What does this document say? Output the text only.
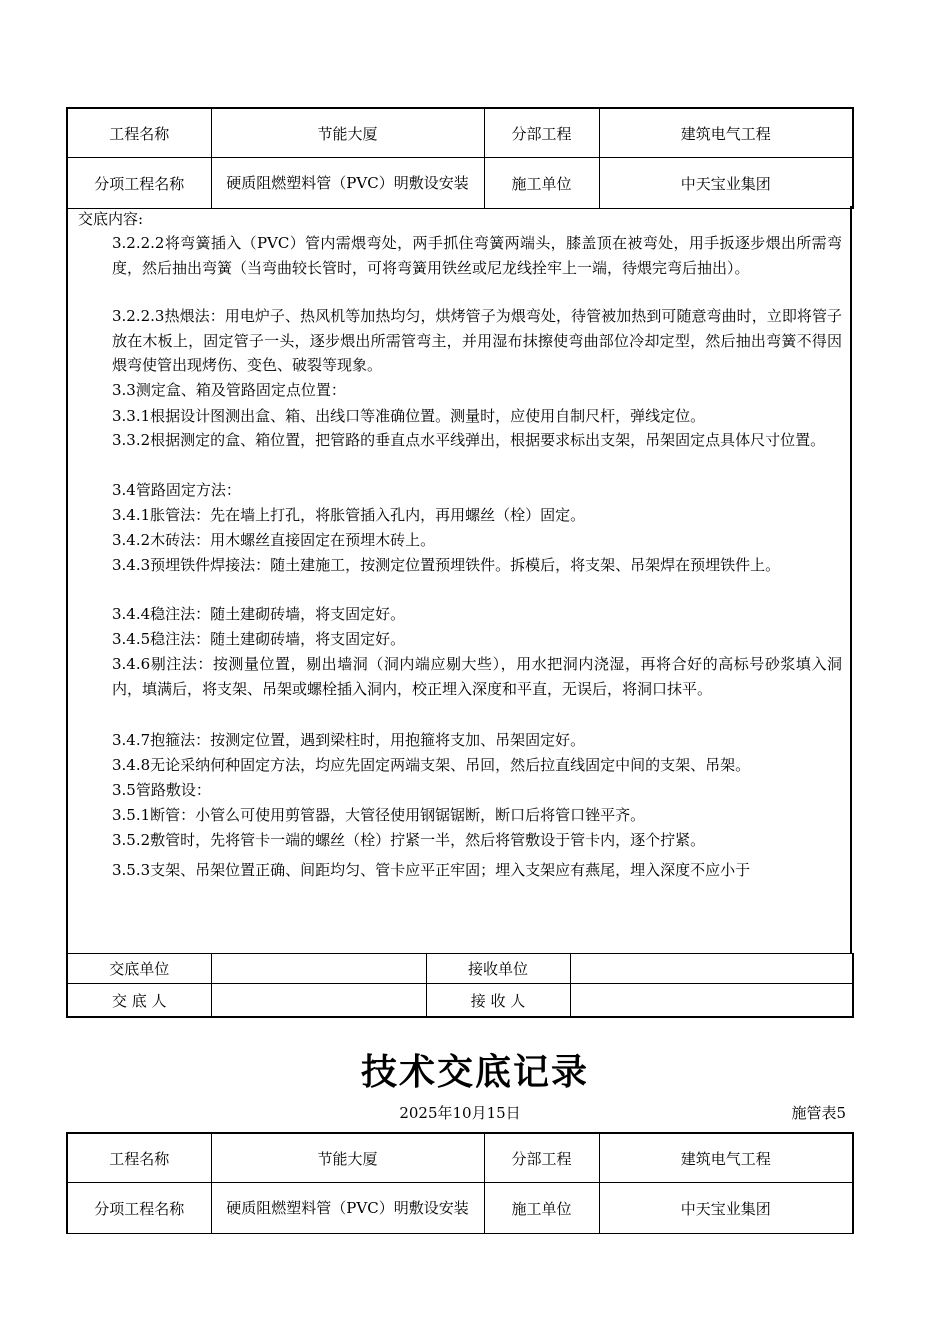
工程名称	节能大厦	分部工程	建筑电气工程
分项工程名称	硬质阻燃塑料管（PVC）明敷设安装	施工单位	中天宝业集团
交底内容:
3.2.2.2将弯簧插入（PVC）管内需煨弯处，两手抓住弯簧两端头，膝盖顶在被弯处，用手扳逐步煨出所需弯度，然后抽出弯簧（当弯曲较长管时，可将弯簧用铁丝或尼龙线拴牢上一端，待煨完弯后抽出）。
3.2.2.3热煨法：用电炉子、热风机等加热均匀，烘烤管子为煨弯处，待管被加热到可随意弯曲时，立即将管子放在木板上，固定管子一头，逐步煨出所需管弯主，并用湿布抹擦使弯曲部位冷却定型，然后抽出弯簧不得因煨弯使管出现烤伤、变色、破裂等现象。
3.3测定盒、箱及管路固定点位置：
3.3.1根据设计图测出盒、箱、出线口等准确位置。测量时，应使用自制尺杆，弹线定位。
3.3.2根据测定的盒、箱位置，把管路的垂直点水平线弹出，根据要求标出支架，吊架固定点具体尺寸位置。
3.4管路固定方法：
3.4.1胀管法：先在墙上打孔，将胀管插入孔内，再用螺丝（栓）固定。
3.4.2木砖法：用木螺丝直接固定在预埋木砖上。
3.4.3预埋铁件焊接法：随土建施工，按测定位置预埋铁件。拆模后，将支架、吊架焊在预埋铁件上。
3.4.4稳注法：随土建砌砖墙，将支固定好。
3.4.5稳注法：随土建砌砖墙，将支固定好。
3.4.6剔注法：按测量位置，剔出墙洞（洞内端应剔大些），用水把洞内浇湿，再将合好的高标号砂浆填入洞内，填满后，将支架、吊架或螺栓插入洞内，校正埋入深度和平直，无误后，将洞口抹平。
3.4.7抱箍法：按测定位置，遇到梁柱时，用抱箍将支加、吊架固定好。
3.4.8无论采纳何种固定方法，均应先固定两端支架、吊回，然后拉直线固定中间的支架、吊架。
3.5管路敷设：
3.5.1断管：小管么可使用剪管器，大管径使用钢锯锯断，断口后将管口锉平齐。
3.5.2敷管时，先将管卡一端的螺丝（栓）拧紧一半，然后将管敷设于管卡内，逐个拧紧。
3.5.3支架、吊架位置正确、间距均匀、管卡应平正牢固；埋入支架应有燕尾，埋入深度不应小于
交底单位		接收单位	
交 底 人		接 收 人	
技术交底记录
2025年10月15日	施管表5
工程名称	节能大厦	分部工程	建筑电气工程
分项工程名称	硬质阻燃塑料管（PVC）明敷设安装	施工单位	中天宝业集团
